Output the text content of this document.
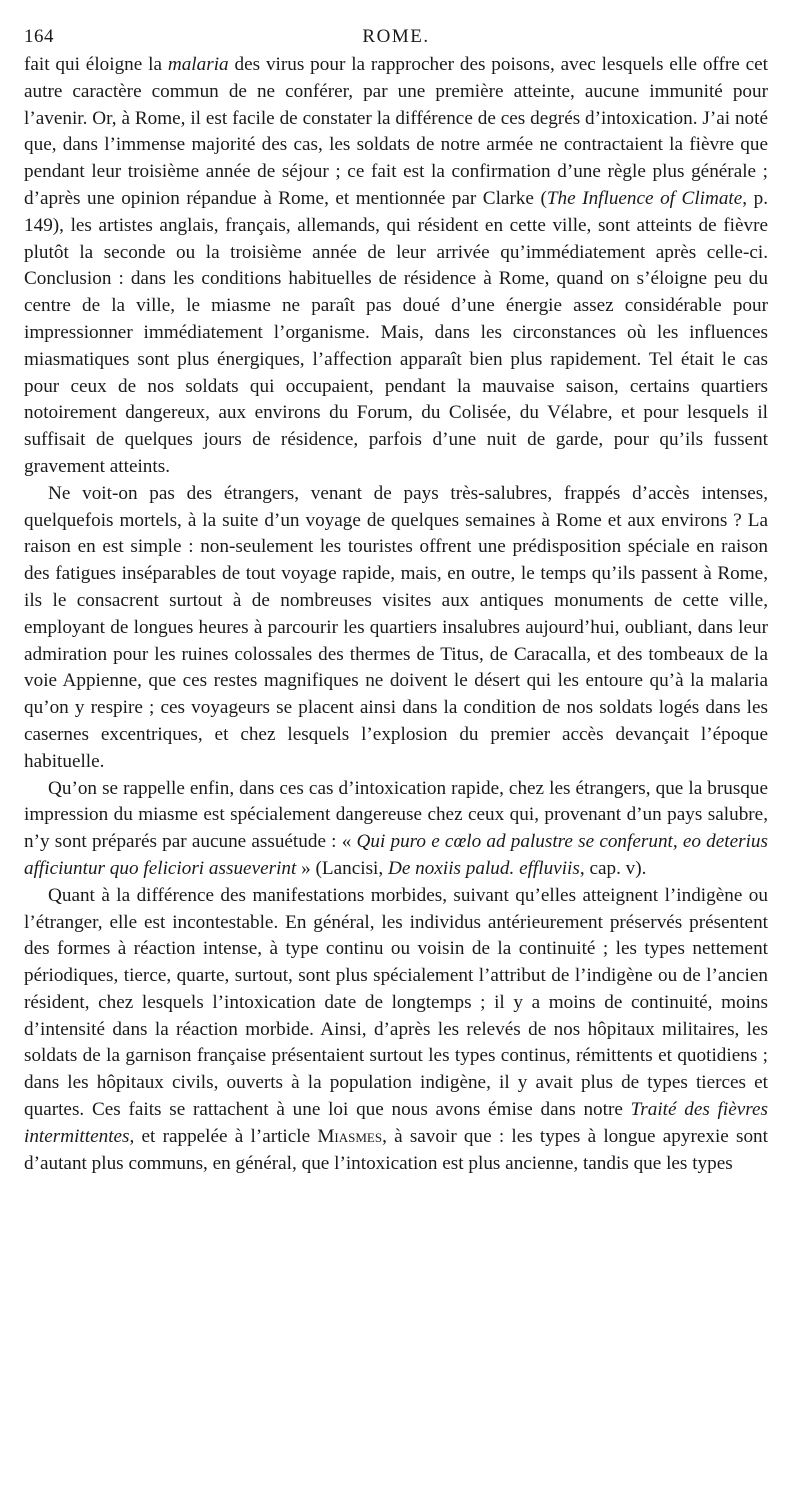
164	ROME.

fait qui éloigne la malaria des virus pour la rapprocher des poisons, avec lesquels elle offre cet autre caractère commun de ne conférer, par une première atteinte, aucune immunité pour l’avenir. Or, à Rome, il est facile de constater la différence de ces degrés d’intoxication. J’ai noté que, dans l’immense majorité des cas, les soldats de notre armée ne contractaient la fièvre que pendant leur troisième année de séjour ; ce fait est la confirmation d’une règle plus générale ; d’après une opinion répandue à Rome, et mentionnée par Clarke (The Influence of Climate, p. 149), les artistes anglais, français, allemands, qui résident en cette ville, sont atteints de fièvre plutôt la seconde ou la troisième année de leur arrivée qu’immédiatement après celle-ci. Conclusion : dans les conditions habituelles de résidence à Rome, quand on s’éloigne peu du centre de la ville, le miasme ne paraît pas doué d’une énergie assez considérable pour impressionner immédiatement l’organisme. Mais, dans les circonstances où les influences miasmatiques sont plus énergiques, l’affection apparaît bien plus rapidement. Tel était le cas pour ceux de nos soldats qui occupaient, pendant la mauvaise saison, certains quartiers notoirement dangereux, aux environs du Forum, du Colisée, du Vélabre, et pour lesquels il suffisait de quelques jours de résidence, parfois d’une nuit de garde, pour qu’ils fussent gravement atteints.

Ne voit-on pas des étrangers, venant de pays très-salubres, frappés d’accès intenses, quelquefois mortels, à la suite d’un voyage de quelques semaines à Rome et aux environs ? La raison en est simple : non-seulement les touristes offrent une prédisposition spéciale en raison des fatigues inséparables de tout voyage rapide, mais, en outre, le temps qu’ils passent à Rome, ils le consacrent surtout à de nombreuses visites aux antiques monuments de cette ville, employant de longues heures à parcourir les quartiers insalubres aujourd’hui, oubliant, dans leur admiration pour les ruines colossales des thermes de Titus, de Caracalla, et des tombeaux de la voie Appienne, que ces restes magnifiques ne doivent le désert qui les entoure qu’à la malaria qu’on y respire ; ces voyageurs se placent ainsi dans la condition de nos soldats logés dans les casernes excentriques, et chez lesquels l’explosion du premier accès devançait l’époque habituelle.

Qu’on se rappelle enfin, dans ces cas d’intoxication rapide, chez les étrangers, que la brusque impression du miasme est spécialement dangereuse chez ceux qui, provenant d’un pays salubre, n’y sont préparés par aucune assuétude : « Qui puro e cœlo ad palustre se conferunt, eo deterius afficiuntur quo feliciori assueverint » (Lancisi, De noxiis palud. effluviis, cap. v).

Quant à la différence des manifestations morbides, suivant qu’elles atteignent l’indigène ou l’étranger, elle est incontestable. En général, les individus antérieurement préservés présentent des formes à réaction intense, à type continu ou voisin de la continuité ; les types nettement périodiques, tierce, quarte, surtout, sont plus spécialement l’attribut de l’indigène ou de l’ancien résident, chez lesquels l’intoxication date de longtemps ; il y a moins de continuité, moins d’intensité dans la réaction morbide. Ainsi, d’après les relevés de nos hôpitaux militaires, les soldats de la garnison française présentaient surtout les types continus, rémittents et quotidiens ; dans les hôpitaux civils, ouverts à la population indigène, il y avait plus de types tierces et quartes. Ces faits se rattachent à une loi que nous avons émise dans notre Traité des fièvres intermittentes, et rappelée à l’article Miasmes, à savoir que : les types à longue apyrexie sont d’autant plus communs, en général, que l’intoxication est plus ancienne, tandis que les types
